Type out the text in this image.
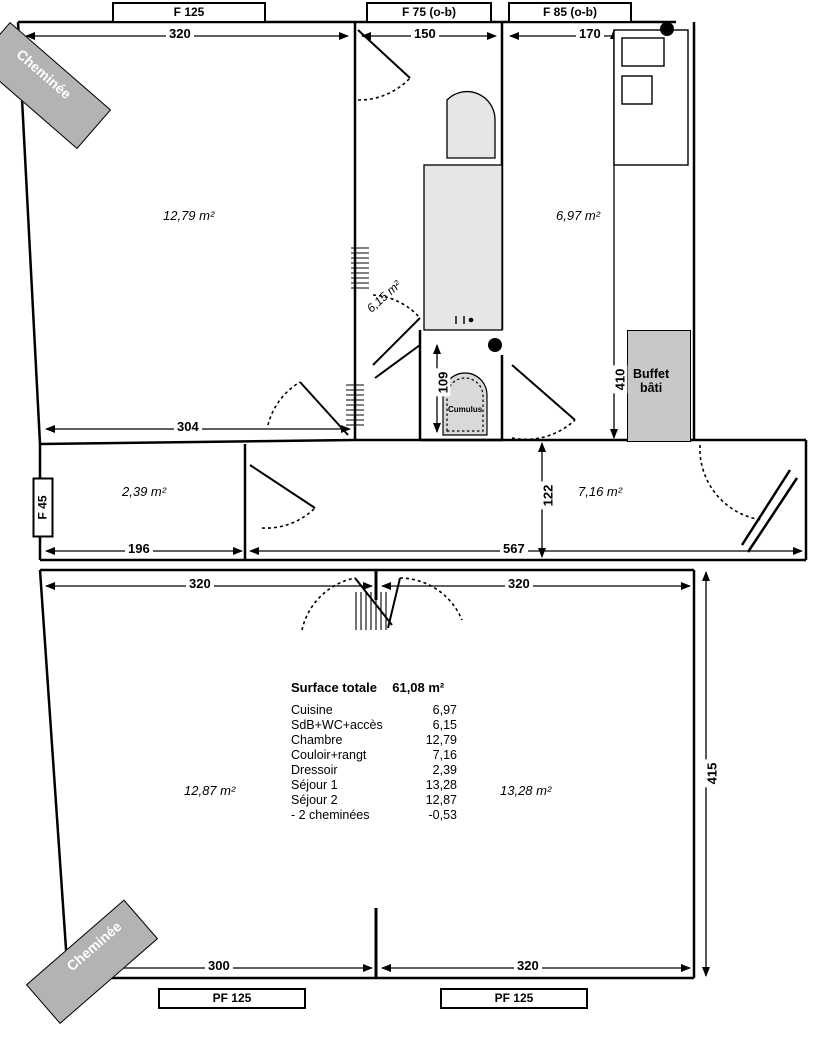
Cheminée
Cheminée
Buffet
bâti
Cumulus
12,79 m²	6,97 m²
6,15 m²
2,39 m²	7,16 m²
12,87 m²	13,28 m²
F 125	F 75 (o-b)	F 85 (o-b)
F 45
PF 125	PF 125
320	150	170
304
196	567
320	320
300	320
410
122
415
109
Surface totale 61,08 m²
Cuisine	6,97
SdB+WC+accès	6,15
Chambre	12,79
Couloir+rangt	7,16
Dressoir	2,39
Séjour 1	13,28
Séjour 2	12,87
- 2 cheminées	-0,53
